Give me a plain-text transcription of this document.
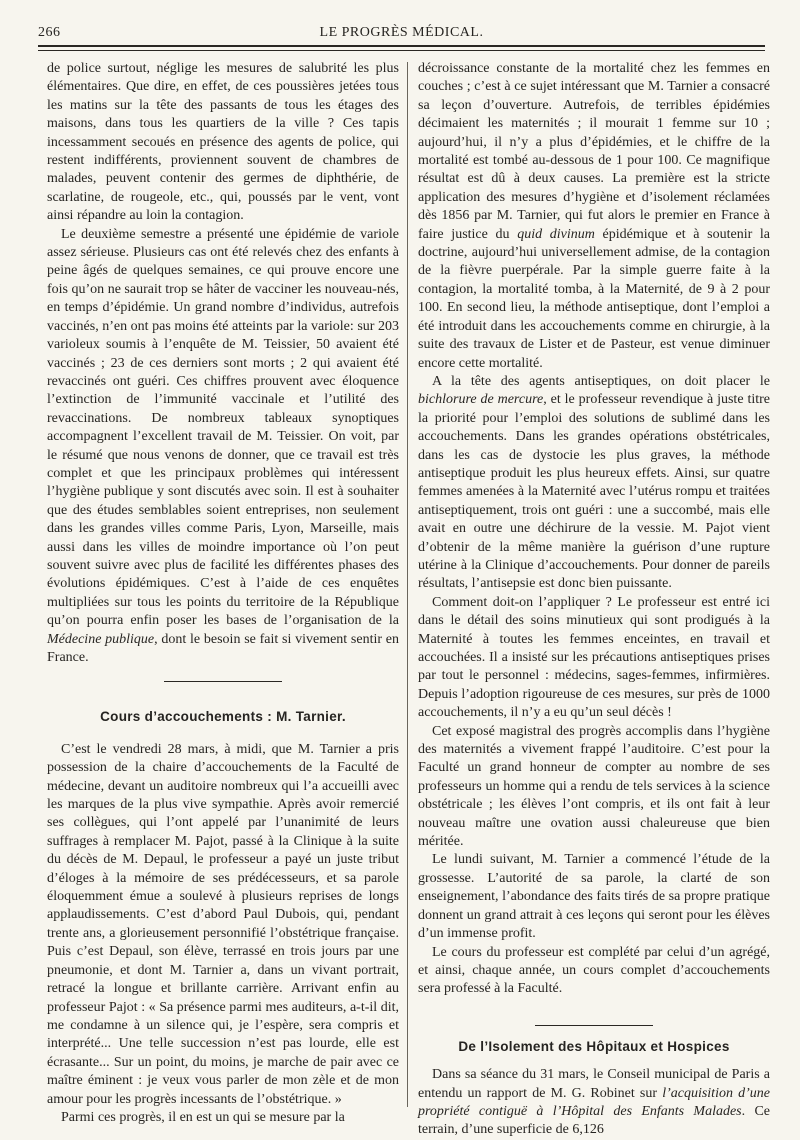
266	LE PROGRÈS MÉDICAL.

de police surtout, néglige les mesures de salubrité les plus élémentaires. Que dire, en effet, de ces poussières jetées tous les matins sur la tête des passants de tous les étages des maisons, dans tous les quartiers de la ville ? Ces tapis incessamment secoués en présence des agents de police, qui restent indifférents, proviennent souvent de chambres de malades, peuvent contenir des germes de diphthérie, de scarlatine, de rougeole, etc., qui, poussés par le vent, vont ainsi répandre au loin la contagion.

Le deuxième semestre a présenté une épidémie de variole assez sérieuse. Plusieurs cas ont été relevés chez des enfants à peine âgés de quelques semaines, ce qui prouve encore une fois qu’on ne saurait trop se hâter de vacciner les nouveau-nés, en temps d’épidémie. Un grand nombre d’individus, autrefois vaccinés, n’en ont pas moins été atteints par la variole: sur 203 varioleux soumis à l’enquête de M. Teissier, 50 avaient été vaccinés ; 23 de ces derniers sont morts ; 2 qui avaient été revaccinés ont guéri. Ces chiffres prouvent avec éloquence l’extinction de l’immunité vaccinale et l’utilité des revaccinations. De nombreux tableaux synoptiques accompagnent l’excellent travail de M. Teissier. On voit, par le résumé que nous venons de donner, que ce travail est très complet et que les principaux problèmes qui intéressent l’hygiène publique y sont discutés avec soin. Il est à souhaiter que des études semblables soient entreprises, non seulement dans les grandes villes comme Paris, Lyon, Marseille, mais aussi dans les villes de moindre importance où l’on peut souvent suivre avec plus de facilité les différentes phases des évolutions épidémiques. C’est à l’aide de ces enquêtes multipliées sur tous les points du territoire de la République qu’on pourra enfin poser les bases de l’organisation de la Médecine publique, dont le besoin se fait si vivement sentir en France.

Cours d’accouchements : M. Tarnier.

C’est le vendredi 28 mars, à midi, que M. Tarnier a pris possession de la chaire d’accouchements de la Faculté de médecine, devant un auditoire nombreux qui l’a accueilli avec les marques de la plus vive sympathie. Après avoir remercié ses collègues, qui l’ont appelé par l’unanimité de leurs suffrages à remplacer M. Pajot, passé à la Clinique à la suite du décès de M. Depaul, le professeur a payé un juste tribut d’éloges à la mémoire de ses prédécesseurs, et sa parole éloquemment émue a soulevé à plusieurs reprises de longs applaudissements. C’est d’abord Paul Dubois, qui, pendant trente ans, a glorieusement personnifié l’obstétrique française. Puis c’est Depaul, son élève, terrassé en trois jours par une pneumonie, et dont M. Tarnier a, dans un vivant portrait, retracé la longue et brillante carrière. Arrivant enfin au professeur Pajot : « Sa présence parmi mes auditeurs, a-t-il dit, me condamne à un silence qui, je l’espère, sera compris et interprété... Une telle succession n’est pas lourde, elle est écrasante... Sur un point, du moins, je marche de pair avec ce maître éminent : je veux vous parler de mon zèle et de mon amour pour les progrès incessants de l’obstétrique. »

Parmi ces progrès, il en est un qui se mesure par la

décroissance constante de la mortalité chez les femmes en couches ; c’est à ce sujet intéressant que M. Tarnier a consacré sa leçon d’ouverture. Autrefois, de terribles épidémies décimaient les maternités ; il mourait 1 femme sur 10 ; aujourd’hui, il n’y a plus d’épidémies, et le chiffre de la mortalité est tombé au-dessous de 1 pour 100. Ce magnifique résultat est dû à deux causes. La première est la stricte application des mesures d’hygiène et d’isolement réclamées dès 1856 par M. Tarnier, qui fut alors le premier en France à faire justice du quid divinum épidémique et à soutenir la doctrine, aujourd’hui universellement admise, de la contagion de la fièvre puerpérale. Par la simple guerre faite à la contagion, la mortalité tomba, à la Maternité, de 9 à 2 pour 100. En second lieu, la méthode antiseptique, dont l’emploi a été introduit dans les accouchements comme en chirurgie, à la suite des travaux de Lister et de Pasteur, est venue diminuer encore cette mortalité.

A la tête des agents antiseptiques, on doit placer le bichlorure de mercure, et le professeur revendique à juste titre la priorité pour l’emploi des solutions de sublimé dans les accouchements. Dans les grandes opérations obstétricales, dans les cas de dystocie les plus graves, la méthode antiseptique produit les plus heureux effets. Ainsi, sur quatre femmes amenées à la Maternité avec l’utérus rompu et traitées antiseptiquement, trois ont guéri : une a succombé, mais elle avait en outre une déchirure de la vessie. M. Pajot vient d’obtenir de la même manière la guérison d’une rupture utérine à la Clinique d’accouchements. Pour donner de pareils résultats, l’antisepsie est donc bien puissante.

Comment doit-on l’appliquer ? Le professeur est entré ici dans le détail des soins minutieux qui sont prodigués à la Maternité à toutes les femmes enceintes, en travail et accouchées. Il a insisté sur les précautions antiseptiques prises par tout le personnel : médecins, sages-femmes, infirmières. Depuis l’adoption rigoureuse de ces mesures, sur près de 1000 accouchements, il n’y a eu qu’un seul décès !

Cet exposé magistral des progrès accomplis dans l’hygiène des maternités a vivement frappé l’auditoire. C’est pour la Faculté un grand honneur de compter au nombre de ses professeurs un homme qui a rendu de tels services à la science obstétricale ; les élèves l’ont compris, et ils ont fait à leur nouveau maître une ovation aussi chaleureuse que bien méritée.

Le lundi suivant, M. Tarnier a commencé l’étude de la grossesse. L’autorité de sa parole, la clarté de son enseignement, l’abondance des faits tirés de sa propre pratique donnent un grand attrait à ces leçons qui seront pour les élèves d’un immense profit.

Le cours du professeur est complété par celui d’un agrégé, et ainsi, chaque année, un cours complet d’accouchements sera professé à la Faculté.

De l’Isolement des Hôpitaux et Hospices

Dans sa séance du 31 mars, le Conseil municipal de Paris a entendu un rapport de M. G. Robinet sur l’acquisition d’une propriété contiguë à l’Hôpital des Enfants Malades. Ce terrain, d’une superficie de 6,126
